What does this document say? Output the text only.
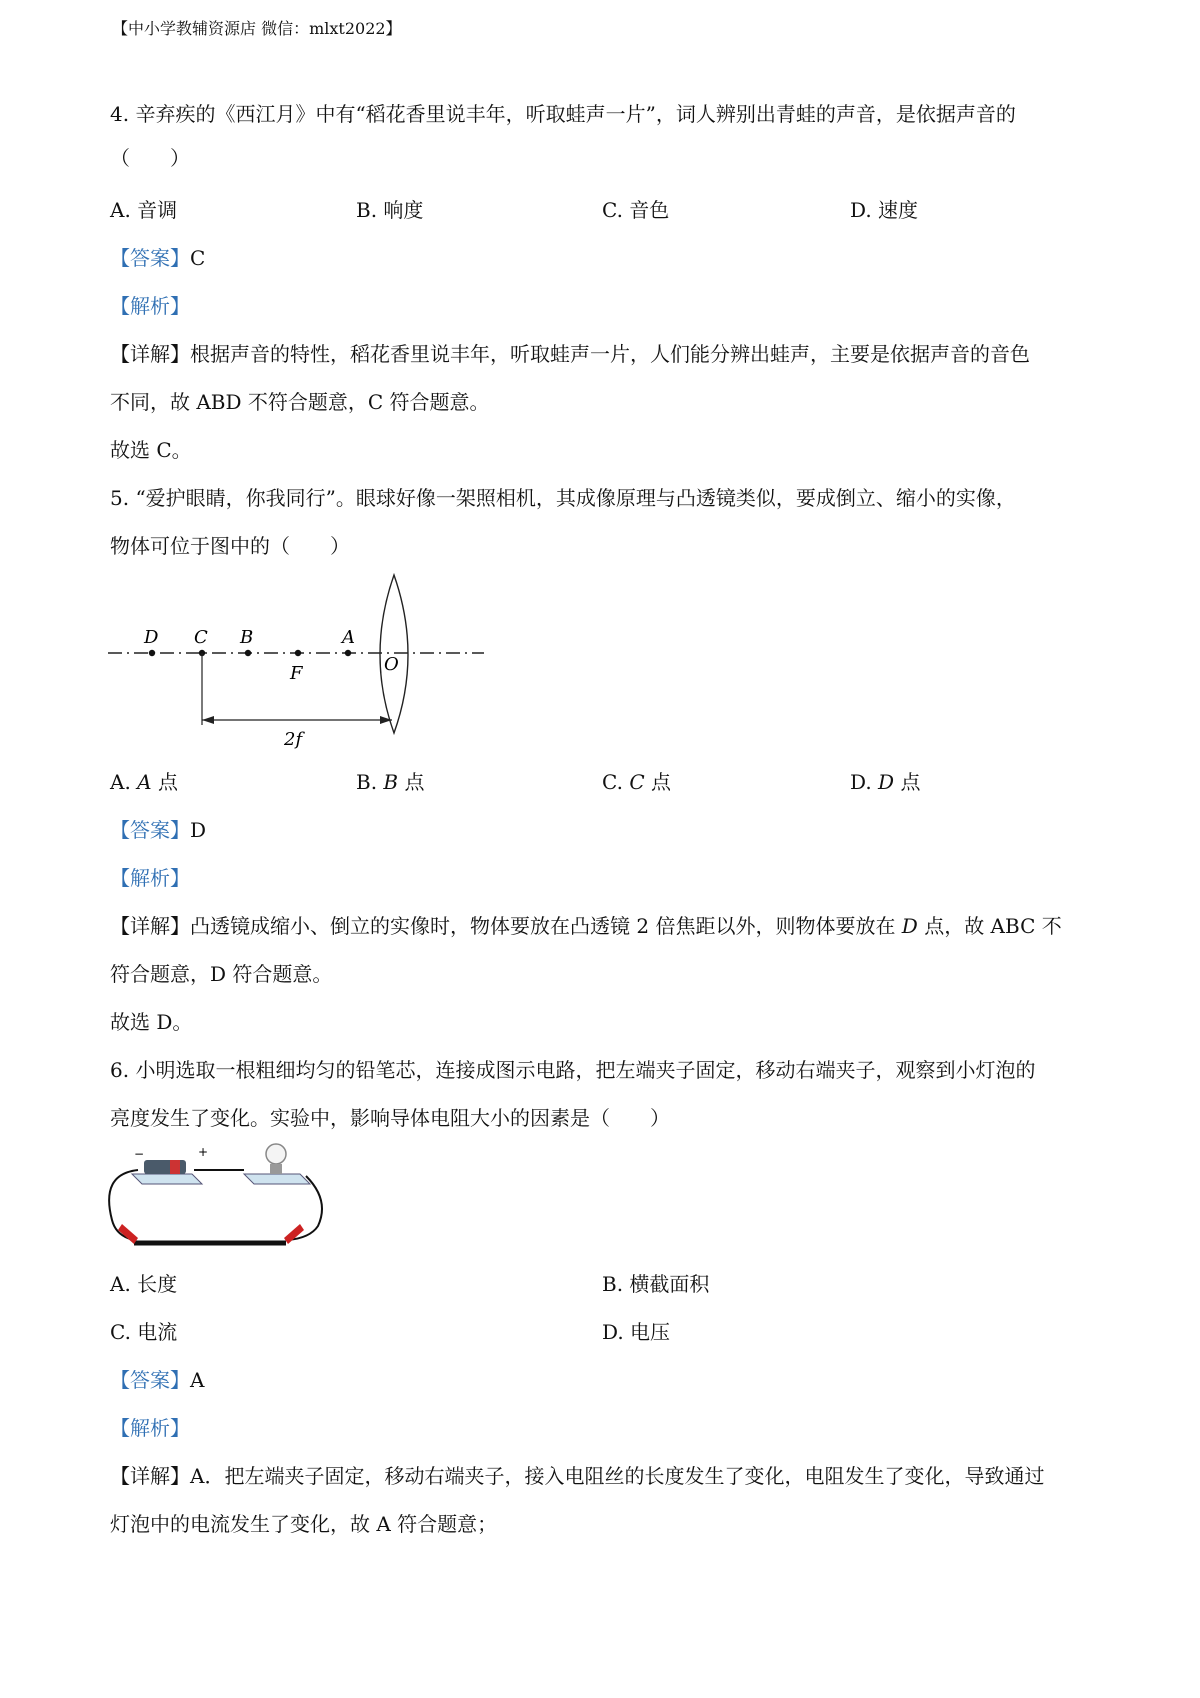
【中小学教辅资源店 微信：mlxt2022】
4. 辛弃疾的《西江月》中有“稻花香里说丰年，听取蛙声一片”，词人辨别出青蛙的声音，是依据声音的
（　　）
A. 音调	B. 响度	C. 音色	D. 速度
【答案】C
【解析】
【详解】根据声音的特性，稻花香里说丰年，听取蛙声一片，人们能分辨出蛙声，主要是依据声音的音色
不同，故 ABD 不符合题意，C 符合题意。
故选 C。
5. “爱护眼睛，你我同行”。眼球好像一架照相机，其成像原理与凸透镜类似，要成倒立、缩小的实像，
物体可位于图中的（　　）
D C B
F
A
O
2f
A. A 点	B. B 点	C. C 点	D. D 点
【答案】D
【解析】
【详解】凸透镜成缩小、倒立的实像时，物体要放在凸透镜 2 倍焦距以外，则物体要放在 D 点，故 ABC 不
符合题意，D 符合题意。
故选 D。
6. 小明选取一根粗细均匀的铅笔芯，连接成图示电路，把左端夹子固定，移动右端夹子，观察到小灯泡的
亮度发生了变化。实验中，影响导体电阻大小的因素是（　　）
−	+
A. 长度	B. 横截面积
C. 电流	D. 电压
【答案】A
【解析】
【详解】A．把左端夹子固定，移动右端夹子，接入电阻丝的长度发生了变化，电阻发生了变化，导致通过
灯泡中的电流发生了变化，故 A 符合题意；
